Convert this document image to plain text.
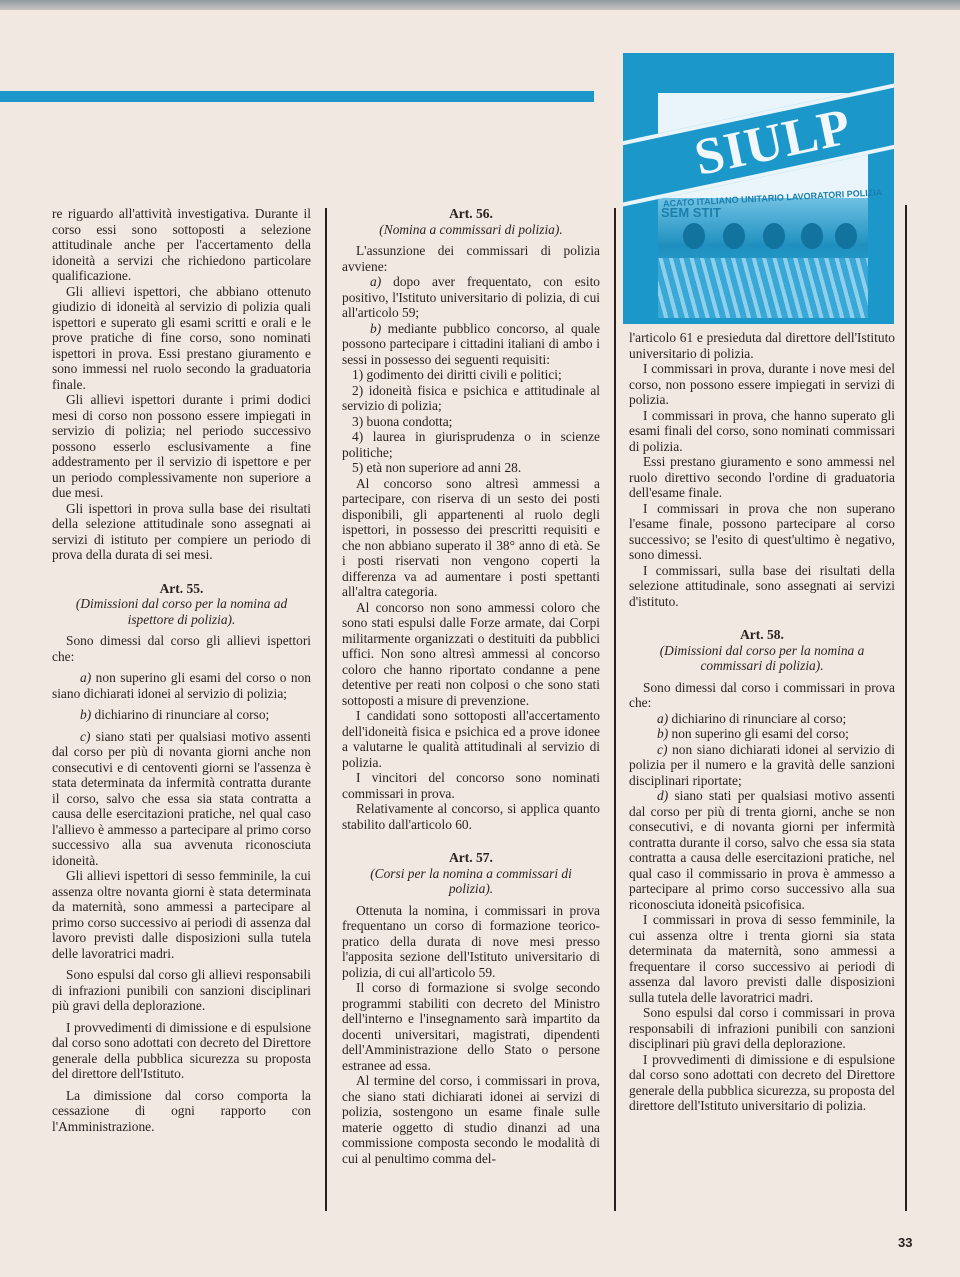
ACATO ITALIANO UNITARIO LAVORATORI POLIZIA
SEM STIT
SIULP

re riguardo all'attività investigativa. Durante il corso essi sono sottoposti a selezione attitudinale anche per l'accertamento della idoneità a servizi che richiedono particolare qualificazione.

Gli allievi ispettori, che abbiano ottenuto giudizio di idoneità al servizio di polizia quali ispettori e superato gli esami scritti e orali e le prove pratiche di fine corso, sono nominati ispettori in prova. Essi prestano giuramento e sono immessi nel ruolo secondo la graduatoria finale.

Gli allievi ispettori durante i primi dodici mesi di corso non possono essere impiegati in servizio di polizia; nel periodo successivo possono esserlo esclusivamente a fine addestramento per il servizio di ispettore e per un periodo complessivamente non superiore a due mesi.

Gli ispettori in prova sulla base dei risultati della selezione attitudinale sono assegnati ai servizi di istituto per compiere un periodo di prova della durata di sei mesi.

Art. 55.
(Dimissioni dal corso per la nomina ad ispettore di polizia).

Sono dimessi dal corso gli allievi ispettori che:

a) non superino gli esami del corso o non siano dichiarati idonei al servizio di polizia;

b) dichiarino di rinunciare al corso;

c) siano stati per qualsiasi motivo assenti dal corso per più di novanta giorni anche non consecutivi e di centoventi giorni se l'assenza è stata determinata da infermità contratta durante il corso, salvo che essa sia stata contratta a causa delle esercitazioni pratiche, nel qual caso l'allievo è ammesso a partecipare al primo corso successivo alla sua avvenuta riconosciuta idoneità.

Gli allievi ispettori di sesso femminile, la cui assenza oltre novanta giorni è stata determinata da maternità, sono ammessi a partecipare al primo corso successivo ai periodi di assenza dal lavoro previsti dalle disposizioni sulla tutela delle lavoratrici madri.

Sono espulsi dal corso gli allievi responsabili di infrazioni punibili con sanzioni disciplinari più gravi della deplorazione.

I provvedimenti di dimissione e di espulsione dal corso sono adottati con decreto del Direttore generale della pubblica sicurezza su proposta del direttore dell'Istituto.

La dimissione dal corso comporta la cessazione di ogni rapporto con l'Amministrazione.

Art. 56.
(Nomina a commissari di polizia).

L'assunzione dei commissari di polizia avviene:

a) dopo aver frequentato, con esito positivo, l'Istituto universitario di polizia, di cui all'articolo 59;

b) mediante pubblico concorso, al quale possono partecipare i cittadini italiani di ambo i sessi in possesso dei seguenti requisiti:

1) godimento dei diritti civili e politici;

2) idoneità fisica e psichica e attitudinale al servizio di polizia;

3) buona condotta;

4) laurea in giurisprudenza o in scienze politiche;

5) età non superiore ad anni 28.

Al concorso sono altresì ammessi a partecipare, con riserva di un sesto dei posti disponibili, gli appartenenti al ruolo degli ispettori, in possesso dei prescritti requisiti e che non abbiano superato il 38° anno di età. Se i posti riservati non vengono coperti la differenza va ad aumentare i posti spettanti all'altra categoria.

Al concorso non sono ammessi coloro che sono stati espulsi dalle Forze armate, dai Corpi militarmente organizzati o destituiti da pubblici uffici. Non sono altresì ammessi al concorso coloro che hanno riportato condanne a pene detentive per reati non colposi o che sono stati sottoposti a misure di prevenzione.

I candidati sono sottoposti all'accertamento dell'idoneità fisica e psichica ed a prove idonee a valutarne le qualità attitudinali al servizio di polizia.

I vincitori del concorso sono nominati commissari in prova.

Relativamente al concorso, si applica quanto stabilito dall'articolo 60.

Art. 57.
(Corsi per la nomina a commissari di polizia).

Ottenuta la nomina, i commissari in prova frequentano un corso di formazione teorico-pratico della durata di nove mesi presso l'apposita sezione dell'Istituto universitario di polizia, di cui all'articolo 59.

Il corso di formazione si svolge secondo programmi stabiliti con decreto del Ministro dell'interno e l'insegnamento sarà impartito da docenti universitari, magistrati, dipendenti dell'Amministrazione dello Stato o persone estranee ad essa.

Al termine del corso, i commissari in prova, che siano stati dichiarati idonei ai servizi di polizia, sostengono un esame finale sulle materie oggetto di studio dinanzi ad una commissione composta secondo le modalità di cui al penultimo comma del-

l'articolo 61 e presieduta dal direttore dell'Istituto universitario di polizia.

I commissari in prova, durante i nove mesi del corso, non possono essere impiegati in servizi di polizia.

I commissari in prova, che hanno superato gli esami finali del corso, sono nominati commissari di polizia.

Essi prestano giuramento e sono ammessi nel ruolo direttivo secondo l'ordine di graduatoria dell'esame finale.

I commissari in prova che non superano l'esame finale, possono partecipare al corso successivo; se l'esito di quest'ultimo è negativo, sono dimessi.

I commissari, sulla base dei risultati della selezione attitudinale, sono assegnati ai servizi d'istituto.

Art. 58.
(Dimissioni dal corso per la nomina a commissari di polizia).

Sono dimessi dal corso i commissari in prova che:

a) dichiarino di rinunciare al corso;

b) non superino gli esami del corso;

c) non siano dichiarati idonei al servizio di polizia per il numero e la gravità delle sanzioni disciplinari riportate;

d) siano stati per qualsiasi motivo assenti dal corso per più di trenta giorni, anche se non consecutivi, e di novanta giorni per infermità contratta durante il corso, salvo che essa sia stata contratta a causa delle esercitazioni pratiche, nel qual caso il commissario in prova è ammesso a partecipare al primo corso successivo alla sua riconosciuta idoneità psicofisica.

I commissari in prova di sesso femminile, la cui assenza oltre i trenta giorni sia stata determinata da maternità, sono ammessi a frequentare il corso successivo ai periodi di assenza dal lavoro previsti dalle disposizioni sulla tutela delle lavoratrici madri.

Sono espulsi dal corso i commissari in prova responsabili di infrazioni punibili con sanzioni disciplinari più gravi della deplorazione.

I provvedimenti di dimissione e di espulsione dal corso sono adottati con decreto del Direttore generale della pubblica sicurezza, su proposta del direttore dell'Istituto universitario di polizia.

33
